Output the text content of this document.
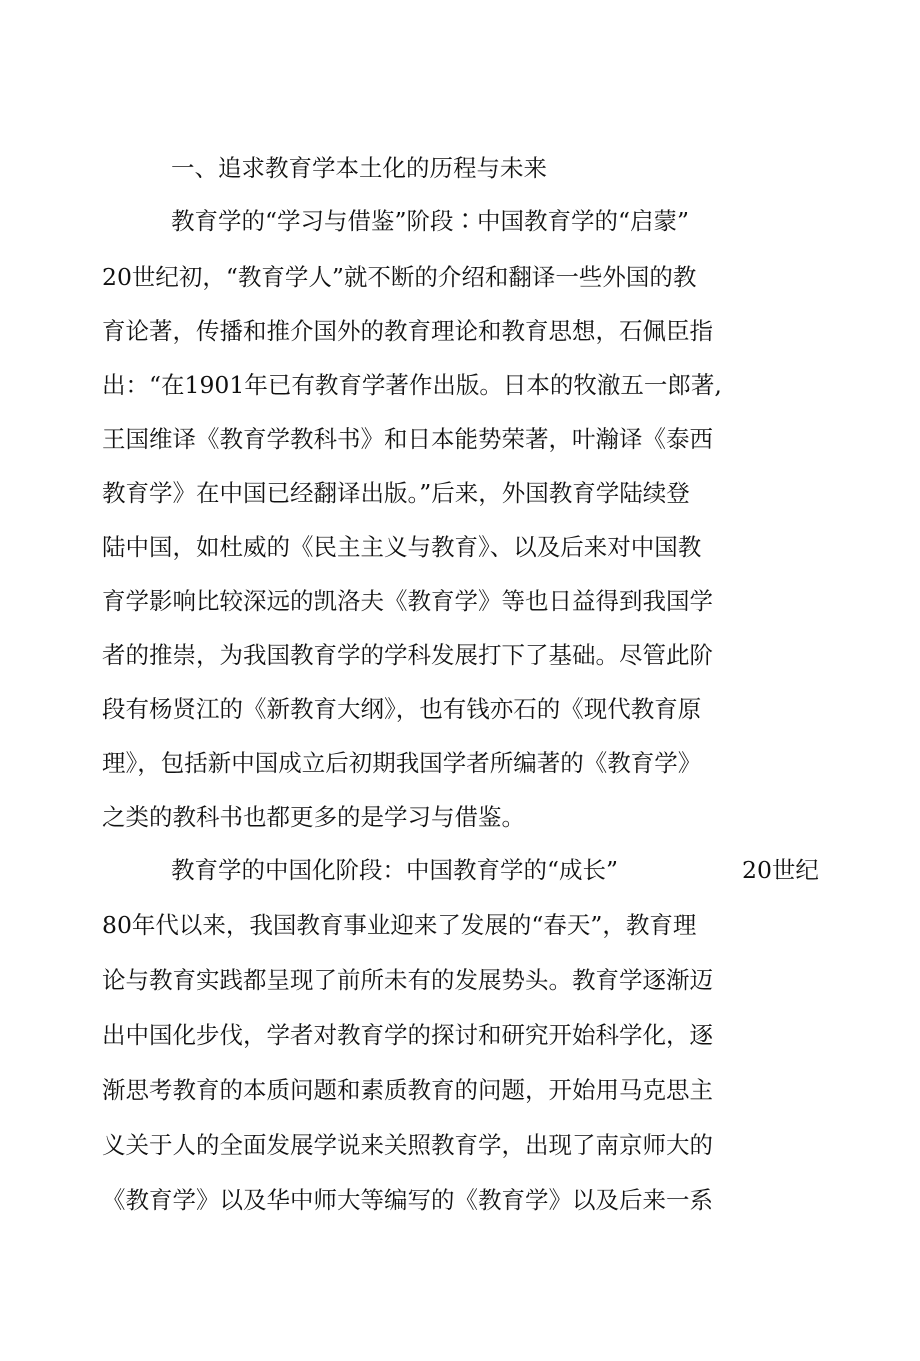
一、追求教育学本土化的历程与未来

教育学的“学习与借鉴”阶段∶中国教育学的“启蒙”

20世纪初，“教育学人”就不断的介绍和翻译一些外国的教

育论著，传播和推介国外的教育理论和教育思想，石佩臣指

出：“在1901年已有教育学著作出版。日本的牧澈五一郎著,

王国维译《教育学教科书》和日本能势荣著，叶瀚译《泰西

教育学》在中国已经翻译出版。”后来，外国教育学陆续登

陆中国，如杜威的《民主主义与教育》、以及后来对中国教

育学影响比较深远的凯洛夫《教育学》等也日益得到我国学

者的推崇，为我国教育学的学科发展打下了基础。尽管此阶

段有杨贤江的《新教育大纲》，也有钱亦石的《现代教育原

理》，包括新中国成立后初期我国学者所编著的《教育学》

之类的教科书也都更多的是学习与借鉴。

教育学的中国化阶段：中国教育学的“成长”	20世纪

80年代以来，我国教育事业迎来了发展的“春天”，教育理

论与教育实践都呈现了前所未有的发展势头。教育学逐渐迈

出中国化步伐，学者对教育学的探讨和研究开始科学化，逐

渐思考教育的本质问题和素质教育的问题，开始用马克思主

义关于人的全面发展学说来关照教育学，出现了南京师大的

《教育学》以及华中师大等编写的《教育学》以及后来一系
